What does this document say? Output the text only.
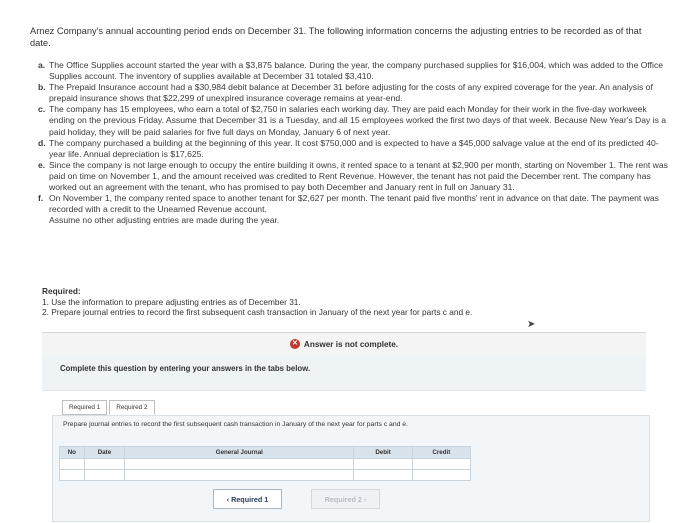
Arnez Company's annual accounting period ends on December 31. The following information concerns the adjusting entries to be recorded as of that date.
a. The Office Supplies account started the year with a $3,875 balance. During the year, the company purchased supplies for $16,004, which was added to the Office Supplies account. The inventory of supplies available at December 31 totaled $3,410.
b. The Prepaid Insurance account had a $30,984 debit balance at December 31 before adjusting for the costs of any expired coverage for the year. An analysis of prepaid insurance shows that $22,299 of unexpired insurance coverage remains at year-end.
c. The company has 15 employees, who earn a total of $2,750 in salaries each working day. They are paid each Monday for their work in the five-day workweek ending on the previous Friday. Assume that December 31 is a Tuesday, and all 15 employees worked the first two days of that week. Because New Year's Day is a paid holiday, they will be paid salaries for five full days on Monday, January 6 of next year.
d. The company purchased a building at the beginning of this year. It cost $750,000 and is expected to have a $45,000 salvage value at the end of its predicted 40-year life. Annual depreciation is $17,625.
e. Since the company is not large enough to occupy the entire building it owns, it rented space to a tenant at $2,900 per month, starting on November 1. The rent was paid on time on November 1, and the amount received was credited to Rent Revenue. However, the tenant has not paid the December rent. The company has worked out an agreement with the tenant, who has promised to pay both December and January rent in full on January 31.
f. On November 1, the company rented space to another tenant for $2,627 per month. The tenant paid five months' rent in advance on that date. The payment was recorded with a credit to the Unearned Revenue account.
Assume no other adjusting entries are made during the year.
Required:
1. Use the information to prepare adjusting entries as of December 31.
2. Prepare journal entries to record the first subsequent cash transaction in January of the next year for parts c and e.
➤
✕ Answer is not complete.
Complete this question by entering your answers in the tabs below.
Required 1	Required 2
Prepare journal entries to record the first subsequent cash transaction in January of the next year for parts c and e.
No	Date	General Journal	Debit	Credit

‹ Required 1	Required 2 ›
